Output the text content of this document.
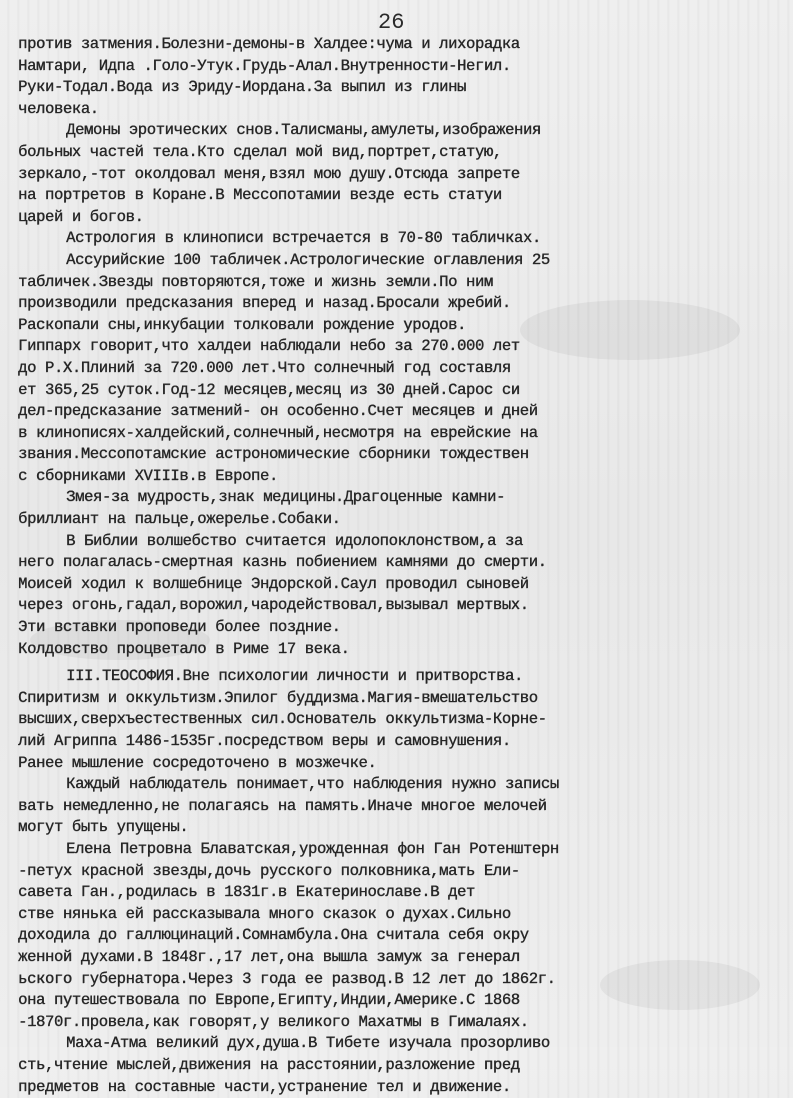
26
против затмения.Болезни-демоны-в Халдее:чума и лихорадка
Намтари, Идпа .Голо-Утук.Грудь-Алал.Внутренности-Негил.
Руки-Тодал.Вода из Эриду-Иордана.За выпил из глины
человека.
Демоны эротических снов.Талисманы,амулеты,изображения
больных частей тела.Кто сделал мой вид,портрет,статую,
зеркало,-тот околдовал меня,взял мою душу.Отсюда запрете
на портретов в Коране.В Мессопотамии везде есть статуи
царей и богов.
Астрология в клинописи встречается в 70-80 табличках.
Ассурийские 100 табличек.Астрологические оглавления 25
табличек.Звезды повторяются,тоже и жизнь земли.По ним
производили предсказания вперед и назад.Бросали жребий.
Раскопали сны,инкубации толковали рождение уродов.
Гиппарх говорит,что халдеи наблюдали небо за 270.000 лет
до Р.Х.Плиний за 720.000 лет.Что солнечный год составля
ет 365,25 суток.Год-12 месяцев,месяц из 30 дней.Сарос си
дел-предсказание затмений- он особенно.Счет месяцев и дней
в клинописях-халдейский,солнечный,несмотря на еврейские на
звания.Мессопотамские астрономические сборники тождествен
с сборниками XVIIIв.в Европе.
Змея-за мудрость,знак медицины.Драгоценные камни-
бриллиант на пальце,ожерелье.Собаки.
В Библии волшебство считается идолопоклонством,а за
него полагалась-смертная казнь побиением камнями до смерти.
Моисей ходил к волшебнице Эндорской.Саул проводил сыновей
через огонь,гадал,ворожил,чародействовал,вызывал мертвых.
Эти вставки проповеди более поздние.
Колдовство процветало в Риме 17 века.
III.ТЕОСОФИЯ.Вне психологии личности и притворства.
Спиритизм и оккультизм.Эпилог буддизма.Магия-вмешательство
высших,сверхъестественных сил.Основатель оккультизма-Корне-
лий Агриппа 1486-1535г.посредством веры и самовнушения.
Ранее мышление сосредоточено в мозжечке.
Каждый наблюдатель понимает,что наблюдения нужно записы
вать немедленно,не полагаясь на память.Иначе многое мелочей
могут быть упущены.
Елена Петровна Блаватская,урожденная фон Ган Ротенштерн
-петух красной звезды,дочь русского полковника,мать Ели-
савета Ган.,родилась в 1831г.в Екатеринославе.В дет
стве нянька ей рассказывала много сказок о духах.Сильно
доходила до галлюцинаций.Сомнамбула.Она считала себя окру
женной духами.В 1848г.,17 лет,она вышла замуж за генерал
ьского губернатора.Через 3 года ее развод.В 12 лет до 1862г.
она путешествовала по Европе,Египту,Индии,Америке.С 1868
-1870г.провела,как говорят,у великого Махатмы в Гималаях.
Маха-Атма великий дух,душа.В Тибете изучала прозорливо
сть,чтение мыслей,движения на расстоянии,разложение пред
предметов на составные части,устранение тел и движение.
